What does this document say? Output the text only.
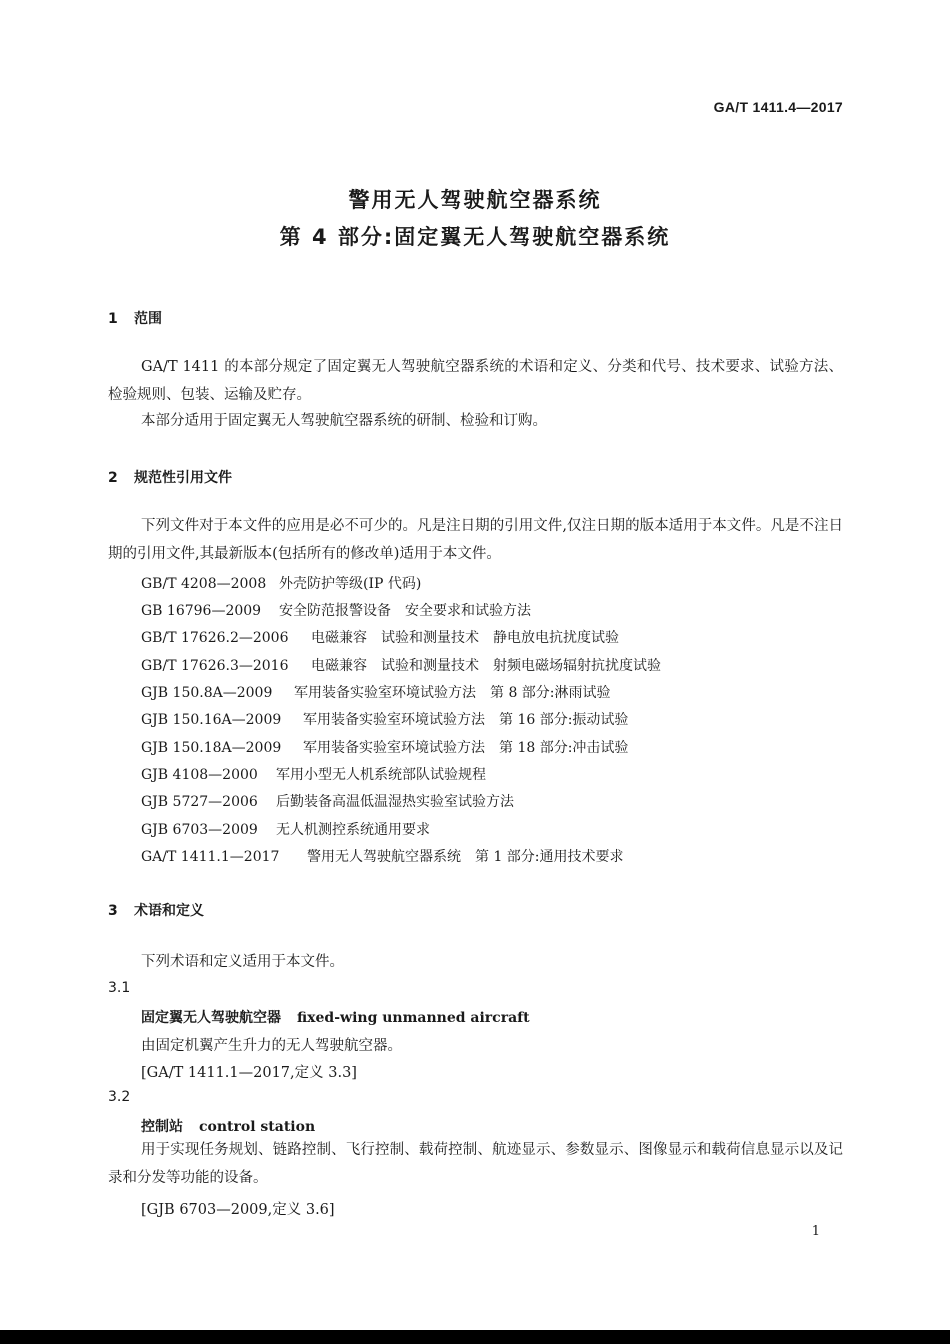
GA/T 1411.4—2017
警用无人驾驶航空器系统
第 4 部分:固定翼无人驾驶航空器系统
1 范围
GA/T 1411 的本部分规定了固定翼无人驾驶航空器系统的术语和定义、分类和代号、技术要求、试验方法、检验规则、包装、运输及贮存。
本部分适用于固定翼无人驾驶航空器系统的研制、检验和订购。
2 规范性引用文件
下列文件对于本文件的应用是必不可少的。凡是注日期的引用文件,仅注日期的版本适用于本文件。凡是不注日期的引用文件,其最新版本(包括所有的修改单)适用于本文件。
GB/T 4208—2008 外壳防护等级(IP 代码)
GB 16796—2009 安全防范报警设备　安全要求和试验方法
GB/T 17626.2—2006 电磁兼容　试验和测量技术　静电放电抗扰度试验
GB/T 17626.3—2016 电磁兼容　试验和测量技术　射频电磁场辐射抗扰度试验
GJB 150.8A—2009 军用装备实验室环境试验方法　第 8 部分:淋雨试验
GJB 150.16A—2009 军用装备实验室环境试验方法　第 16 部分:振动试验
GJB 150.18A—2009 军用装备实验室环境试验方法　第 18 部分:冲击试验
GJB 4108—2000 军用小型无人机系统部队试验规程
GJB 5727—2006 后勤装备高温低温湿热实验室试验方法
GJB 6703—2009 无人机测控系统通用要求
GA/T 1411.1—2017 警用无人驾驶航空器系统　第 1 部分:通用技术要求
3 术语和定义
下列术语和定义适用于本文件。
3.1
固定翼无人驾驶航空器 fixed-wing unmanned aircraft
由固定机翼产生升力的无人驾驶航空器。
[GA/T 1411.1—2017,定义 3.3]
3.2
控制站 control station
用于实现任务规划、链路控制、飞行控制、载荷控制、航迹显示、参数显示、图像显示和载荷信息显示以及记录和分发等功能的设备。
[GJB 6703—2009,定义 3.6]
1
